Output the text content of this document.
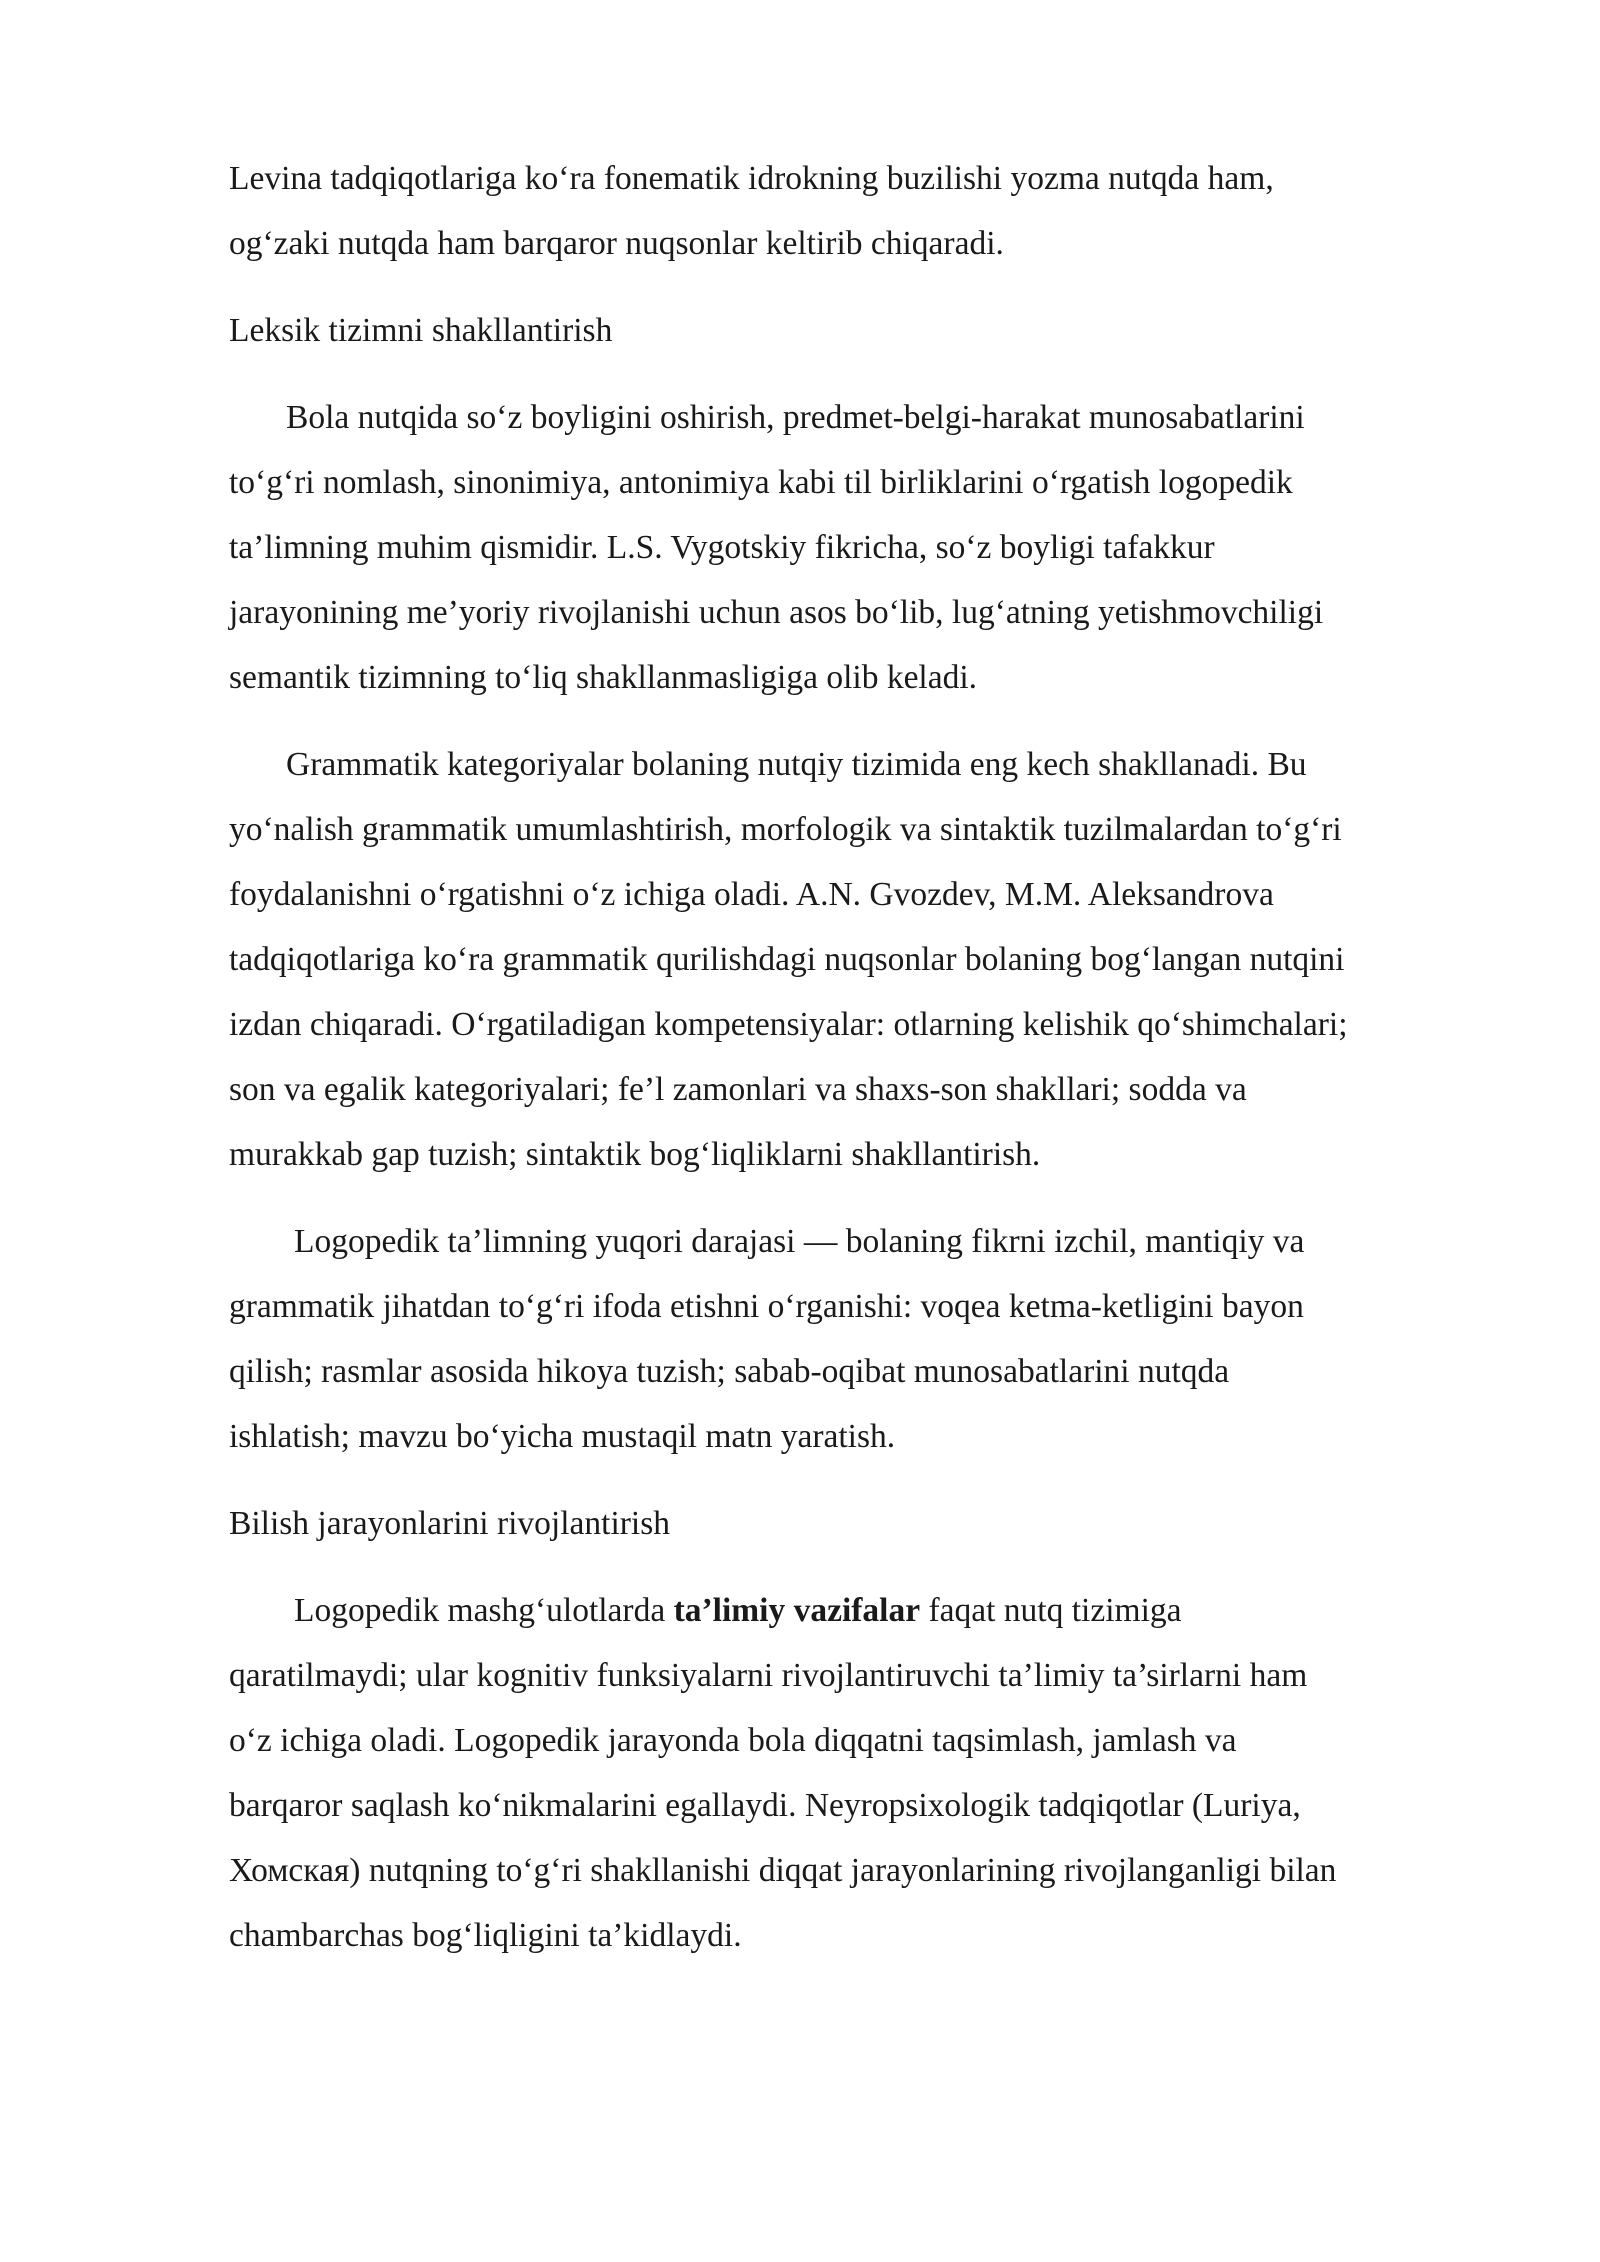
Levina tadqiqotlariga ko‘ra fonematik idrokning buzilishi yozma nutqda ham,
og‘zaki nutqda ham barqaror nuqsonlar keltirib chiqaradi.

Leksik tizimni shakllantirish

Bola nutqida so‘z boyligini oshirish, predmet-belgi-harakat munosabatlarini
to‘g‘ri nomlash, sinonimiya, antonimiya kabi til birliklarini o‘rgatish logopedik
ta’limning muhim qismidir. L.S. Vygotskiy fikricha, so‘z boyligi tafakkur
jarayonining me’yoriy rivojlanishi uchun asos bo‘lib, lug‘atning yetishmovchiligi
semantik tizimning to‘liq shakllanmasligiga olib keladi.

Grammatik kategoriyalar bolaning nutqiy tizimida eng kech shakllanadi. Bu
yo‘nalish grammatik umumlashtirish, morfologik va sintaktik tuzilmalardan to‘g‘ri
foydalanishni o‘rgatishni o‘z ichiga oladi. A.N. Gvozdev, M.M. Aleksandrova
tadqiqotlariga ko‘ra grammatik qurilishdagi nuqsonlar bolaning bog‘langan nutqini
izdan chiqaradi. O‘rgatiladigan kompetensiyalar: otlarning kelishik qo‘shimchalari;
son va egalik kategoriyalari; fe’l zamonlari va shaxs-son shakllari; sodda va
murakkab gap tuzish; sintaktik bog‘liqliklarni shakllantirish.

Logopedik ta’limning yuqori darajasi — bolaning fikrni izchil, mantiqiy va
grammatik jihatdan to‘g‘ri ifoda etishni o‘rganishi: voqea ketma-ketligini bayon
qilish; rasmlar asosida hikoya tuzish; sabab-oqibat munosabatlarini nutqda
ishlatish; mavzu bo‘yicha mustaqil matn yaratish.

Bilish jarayonlarini rivojlantirish

Logopedik mashg‘ulotlarda ta’limiy vazifalar faqat nutq tizimiga
qaratilmaydi; ular kognitiv funksiyalarni rivojlantiruvchi ta’limiy ta’sirlarni ham
o‘z ichiga oladi. Logopedik jarayonda bola diqqatni taqsimlash, jamlash va
barqaror saqlash ko‘nikmalarini egallaydi. Neyropsixologik tadqiqotlar (Luriya,
Хомская) nutqning to‘g‘ri shakllanishi diqqat jarayonlarining rivojlanganligi bilan
chambarchas bog‘liqligini ta’kidlaydi.
